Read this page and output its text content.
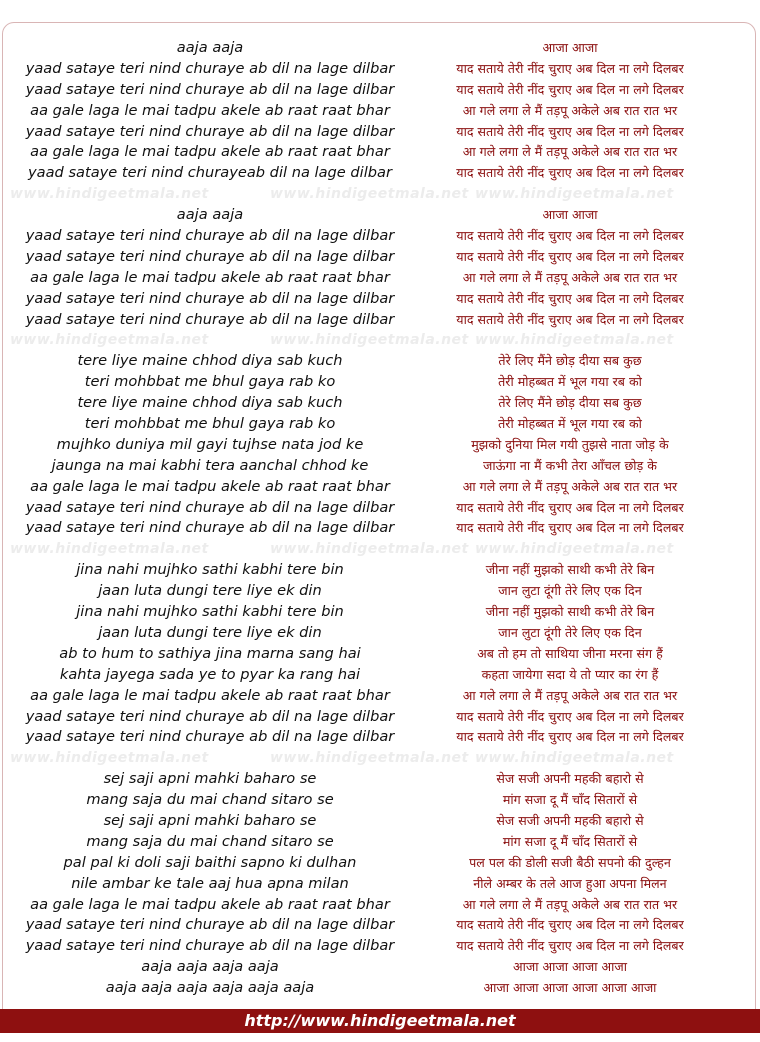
aaja aaja
yaad sataye teri nind churaye ab dil na lage dilbar
yaad sataye teri nind churaye ab dil na lage dilbar
aa gale laga le mai tadpu akele ab raat raat bhar
yaad sataye teri nind churaye ab dil na lage dilbar
aa gale laga le mai tadpu akele ab raat raat bhar
yaad sataye teri nind churayeab dil na lage dilbar
www.hindigeetmala.net	www.hindigeetmala.net
aaja aaja
yaad sataye teri nind churaye ab dil na lage dilbar
yaad sataye teri nind churaye ab dil na lage dilbar
aa gale laga le mai tadpu akele ab raat raat bhar
yaad sataye teri nind churaye ab dil na lage dilbar
yaad sataye teri nind churaye ab dil na lage dilbar
www.hindigeetmala.net	www.hindigeetmala.net
tere liye maine chhod diya sab kuch
teri mohbbat me bhul gaya rab ko
tere liye maine chhod diya sab kuch
teri mohbbat me bhul gaya rab ko
mujhko duniya mil gayi tujhse nata jod ke
jaunga na mai kabhi tera aanchal chhod ke
aa gale laga le mai tadpu akele ab raat raat bhar
yaad sataye teri nind churaye ab dil na lage dilbar
yaad sataye teri nind churaye ab dil na lage dilbar
www.hindigeetmala.net	www.hindigeetmala.net
jina nahi mujhko sathi kabhi tere bin
jaan luta dungi tere liye ek din
jina nahi mujhko sathi kabhi tere bin
jaan luta dungi tere liye ek din
ab to hum to sathiya jina marna sang hai
kahta jayega sada ye to pyar ka rang hai
aa gale laga le mai tadpu akele ab raat raat bhar
yaad sataye teri nind churaye ab dil na lage dilbar
yaad sataye teri nind churaye ab dil na lage dilbar
www.hindigeetmala.net	www.hindigeetmala.net
sej saji apni mahki baharo se
mang saja du mai chand sitaro se
sej saji apni mahki baharo se
mang saja du mai chand sitaro se
pal pal ki doli saji baithi sapno ki dulhan
nile ambar ke tale aaj hua apna milan
aa gale laga le mai tadpu akele ab raat raat bhar
yaad sataye teri nind churaye ab dil na lage dilbar
yaad sataye teri nind churaye ab dil na lage dilbar
aaja aaja aaja aaja
aaja aaja aaja aaja aaja aaja
आजा आजा
याद सताये तेरी नींद चुराए अब दिल ना लगे दिलबर
याद सताये तेरी नींद चुराए अब दिल ना लगे दिलबर
आ गले लगा ले मैं तड़पू अकेले अब रात रात भर
याद सताये तेरी नींद चुराए अब दिल ना लगे दिलबर
आ गले लगा ले मैं तड़पू अकेले अब रात रात भर
याद सताये तेरी नींद चुराए अब दिल ना लगे दिलबर
www.hindigeetmala.net
आजा आजा
याद सताये तेरी नींद चुराए अब दिल ना लगे दिलबर
याद सताये तेरी नींद चुराए अब दिल ना लगे दिलबर
आ गले लगा ले मैं तड़पू अकेले अब रात रात भर
याद सताये तेरी नींद चुराए अब दिल ना लगे दिलबर
याद सताये तेरी नींद चुराए अब दिल ना लगे दिलबर
www.hindigeetmala.net
तेरे लिए मैंने छोड़ दीया सब कुछ
तेरी मोहब्बत में भूल गया रब को
तेरे लिए मैंने छोड़ दीया सब कुछ
तेरी मोहब्बत में भूल गया रब को
मुझको दुनिया मिल गयी तुझसे नाता जोड़ के
जाऊंगा ना मैं कभी तेरा आँचल छोड़ के
आ गले लगा ले मैं तड़पू अकेले अब रात रात भर
याद सताये तेरी नींद चुराए अब दिल ना लगे दिलबर
याद सताये तेरी नींद चुराए अब दिल ना लगे दिलबर
www.hindigeetmala.net
जीना नहीं मुझको साथी कभी तेरे बिन
जान लुटा दूंगी तेरे लिए एक दिन
जीना नहीं मुझको साथी कभी तेरे बिन
जान लुटा दूंगी तेरे लिए एक दिन
अब तो हम तो साथिया जीना मरना संग हैं
कहता जायेगा सदा ये तो प्यार का रंग हैं
आ गले लगा ले मैं तड़पू अकेले अब रात रात भर
याद सताये तेरी नींद चुराए अब दिल ना लगे दिलबर
याद सताये तेरी नींद चुराए अब दिल ना लगे दिलबर
www.hindigeetmala.net
सेज सजी अपनी महकी बहारो से
मांग सजा दू मैं चाँद सितारों से
सेज सजी अपनी महकी बहारो से
मांग सजा दू मैं चाँद सितारों से
पल पल की डोली सजी बैठी सपनो की दुल्हन
नीले अम्बर के तले आज हुआ अपना मिलन
आ गले लगा ले मैं तड़पू अकेले अब रात रात भर
याद सताये तेरी नींद चुराए अब दिल ना लगे दिलबर
याद सताये तेरी नींद चुराए अब दिल ना लगे दिलबर
आजा आजा आजा आजा
आजा आजा आजा आजा आजा आजा
http://www.hindigeetmala.net
